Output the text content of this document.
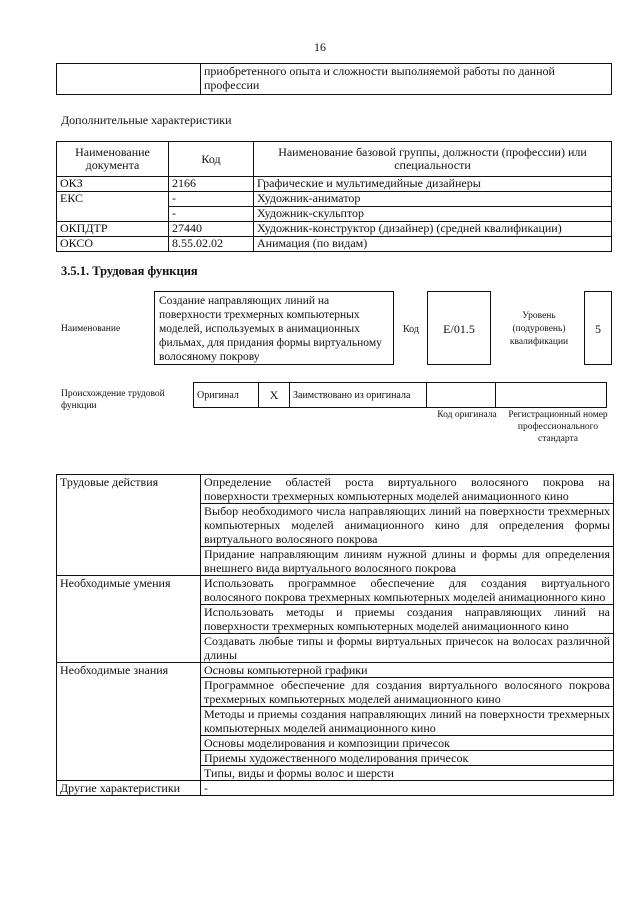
16
	приобретенного опыта и сложности выполняемой работы по данной профессии
Дополнительные характеристики
Наименование документа	Код	Наименование базовой группы, должности (профессии) или специальности
ОКЗ	2166	Графические и мультимедийные дизайнеры
ЕКС	-	Художник-аниматор
	-	Художник-скульптор
ОКПДТР	27440	Художник-конструктор (дизайнер) (средней квалификации)
ОКСО	8.55.02.02	Анимация (по видам)
3.5.1. Трудовая функция
Наименование
Создание направляющих линий на поверхности трехмерных компьютерных моделей, используемых в анимационных фильмах, для придания формы виртуальному волосяному покрову
Код	E/01.5
Уровень (подуровень) квалификации
5
Происхождение трудовой функции
Оригинал	X	Заимствовано из оригинала		
Код оригинала Регистрационный номер профессионального стандарта
Трудовые действия	Определение областей роста виртуального волосяного покрова на поверхности трехмерных компьютерных моделей анимационного кино
	Выбор необходимого числа направляющих линий на поверхности трехмерных компьютерных моделей анимационного кино для определения формы виртуального волосяного покрова
	Придание направляющим линиям нужной длины и формы для определения внешнего вида виртуального волосяного покрова
Необходимые умения	Использовать программное обеспечение для создания виртуального волосяного покрова трехмерных компьютерных моделей анимационного кино
	Использовать методы и приемы создания направляющих линий на поверхности трехмерных компьютерных моделей анимационного кино
	Создавать любые типы и формы виртуальных причесок на волосах различной длины
Необходимые знания	Основы компьютерной графики
	Программное обеспечение для создания виртуального волосяного покрова трехмерных компьютерных моделей анимационного кино
	Методы и приемы создания направляющих линий на поверхности трехмерных компьютерных моделей анимационного кино
	Основы моделирования и композиции причесок
	Приемы художественного моделирования причесок
	Типы, виды и формы волос и шерсти
Другие характеристики	-
